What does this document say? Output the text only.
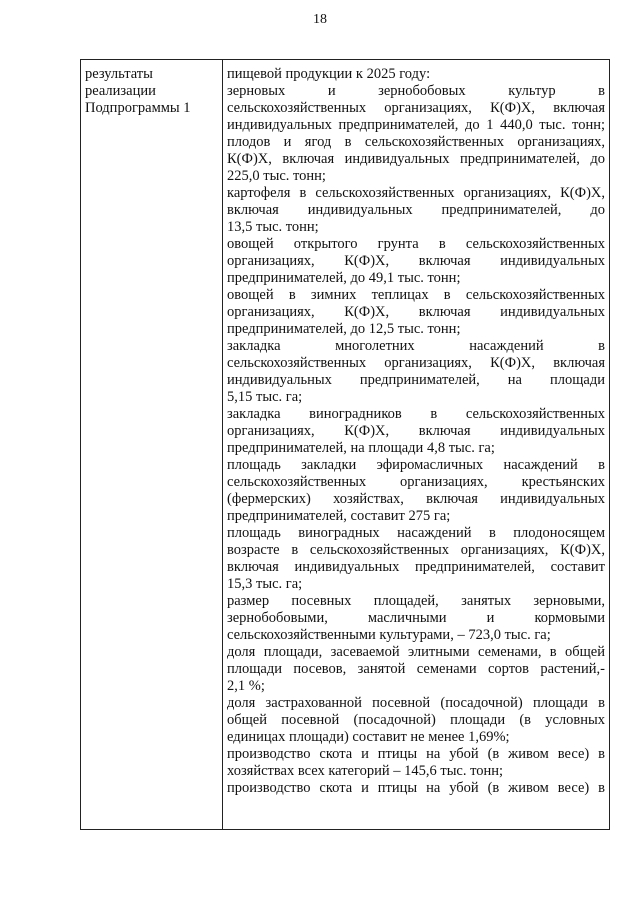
18
результаты
реализации
Подпрограммы 1
пищевой продукции к 2025 году:
зерновых и зернобобовых культур в
сельскохозяйственных организациях, К(Ф)Х, включая
индивидуальных предпринимателей, до 1 440,0 тыс. тонн;
плодов и ягод в сельскохозяйственных организациях,
К(Ф)Х, включая индивидуальных предпринимателей, до
225,0 тыс. тонн;
картофеля в сельскохозяйственных организациях, К(Ф)Х,
включая индивидуальных предпринимателей, до
13,5 тыс. тонн;
овощей открытого грунта в сельскохозяйственных
организациях, К(Ф)Х, включая индивидуальных
предпринимателей, до 49,1 тыс. тонн;
овощей в зимних теплицах в сельскохозяйственных
организациях, К(Ф)Х, включая индивидуальных
предпринимателей, до 12,5 тыс. тонн;
закладка многолетних насаждений в
сельскохозяйственных организациях, К(Ф)Х, включая
индивидуальных предпринимателей, на площади
5,15 тыс. га;
закладка виноградников в сельскохозяйственных
организациях, К(Ф)Х, включая индивидуальных
предпринимателей, на площади 4,8 тыс. га;
площадь закладки эфиромасличных насаждений в
сельскохозяйственных организациях, крестьянских
(фермерских) хозяйствах, включая индивидуальных
предпринимателей, составит 275 га;
площадь виноградных насаждений в плодоносящем
возрасте в сельскохозяйственных организациях, К(Ф)Х,
включая индивидуальных предпринимателей, составит
15,3 тыс. га;
размер посевных площадей, занятых зерновыми,
зернобобовыми, масличными и кормовыми
сельскохозяйственными культурами, – 723,0 тыс. га;
доля площади, засеваемой элитными семенами, в общей
площади посевов, занятой семенами сортов растений,-
2,1 %;
доля застрахованной посевной (посадочной) площади в
общей посевной (посадочной) площади (в условных
единицах площади) составит не менее 1,69%;
производство скота и птицы на убой (в живом весе) в
хозяйствах всех категорий – 145,6 тыс. тонн;
производство скота и птицы на убой (в живом весе) в
